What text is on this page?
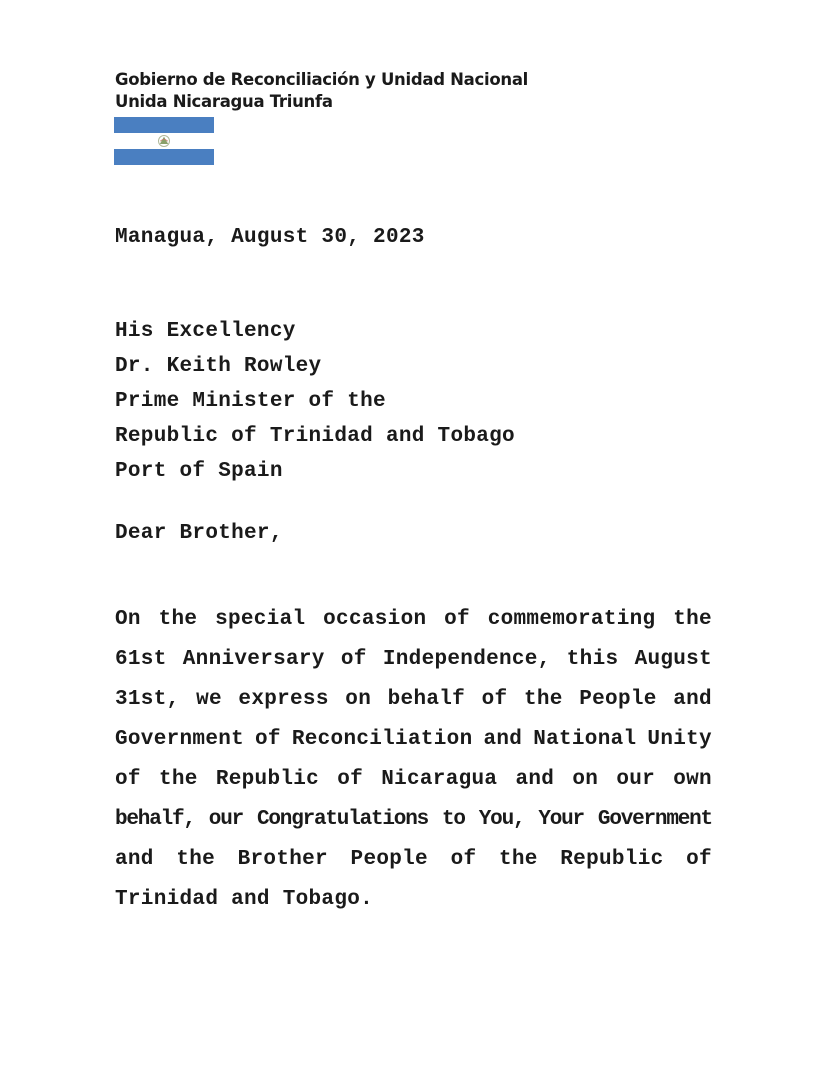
Gobierno de Reconciliación y Unidad Nacional
Unida Nicaragua Triunfa
Managua, August 30, 2023
His Excellency
Dr. Keith Rowley
Prime Minister of the
Republic of Trinidad and Tobago
Port of Spain
Dear Brother,
On the special occasion of commemorating the
61st Anniversary of Independence, this August
31st, we express on behalf of the People and
Government of Reconciliation and National Unity
of the Republic of Nicaragua and on our own
behalf, our Congratulations to You, Your Government
and the Brother People of the Republic of
Trinidad and Tobago.
